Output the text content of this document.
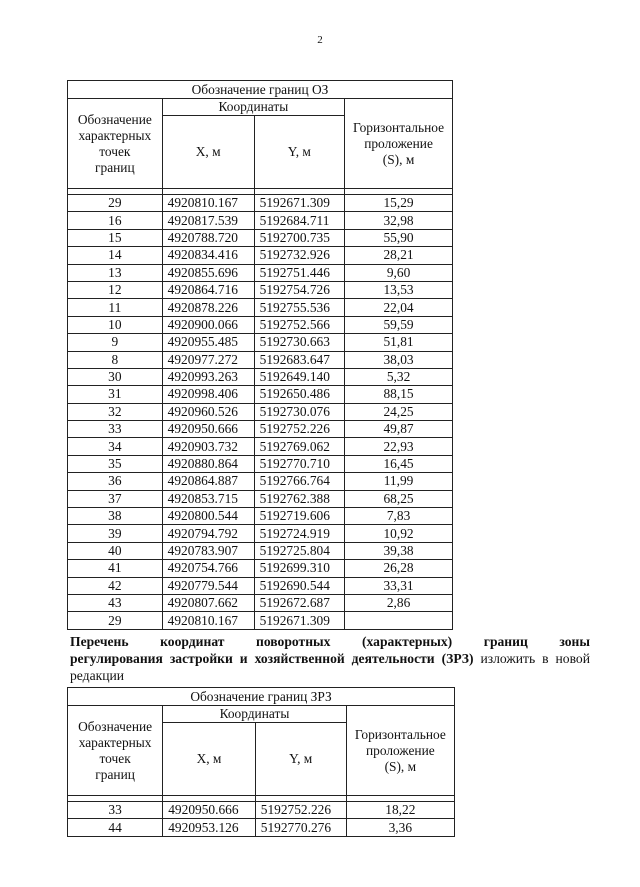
2
Обозначение границ ОЗ			
Обозначение
характерных
точек
границ	Координаты		Горизонтальное
проложение
(S), м
	X, м	Y, м	

29	4920810.167	5192671.309	15,29
16	4920817.539	5192684.711	32,98
15	4920788.720	5192700.735	55,90
14	4920834.416	5192732.926	28,21
13	4920855.696	5192751.446	9,60
12	4920864.716	5192754.726	13,53
11	4920878.226	5192755.536	22,04
10	4920900.066	5192752.566	59,59
9	4920955.485	5192730.663	51,81
8	4920977.272	5192683.647	38,03
30	4920993.263	5192649.140	5,32
31	4920998.406	5192650.486	88,15
32	4920960.526	5192730.076	24,25
33	4920950.666	5192752.226	49,87
34	4920903.732	5192769.062	22,93
35	4920880.864	5192770.710	16,45
36	4920864.887	5192766.764	11,99
37	4920853.715	5192762.388	68,25
38	4920800.544	5192719.606	7,83
39	4920794.792	5192724.919	10,92
40	4920783.907	5192725.804	39,38
41	4920754.766	5192699.310	26,28
42	4920779.544	5192690.544	33,31
43	4920807.662	5192672.687	2,86
29	4920810.167	5192671.309	
Перечень координат поворотных (характерных) границ зоны
регулирования застройки и хозяйственной деятельности (ЗРЗ) изложить в новой редакции
Обозначение границ ЗРЗ			
Обозначение
характерных
точек
границ	Координаты		Горизонтальное
проложение
(S), м
	X, м	Y, м	

33	4920950.666	5192752.226	18,22
44	4920953.126	5192770.276	3,36
